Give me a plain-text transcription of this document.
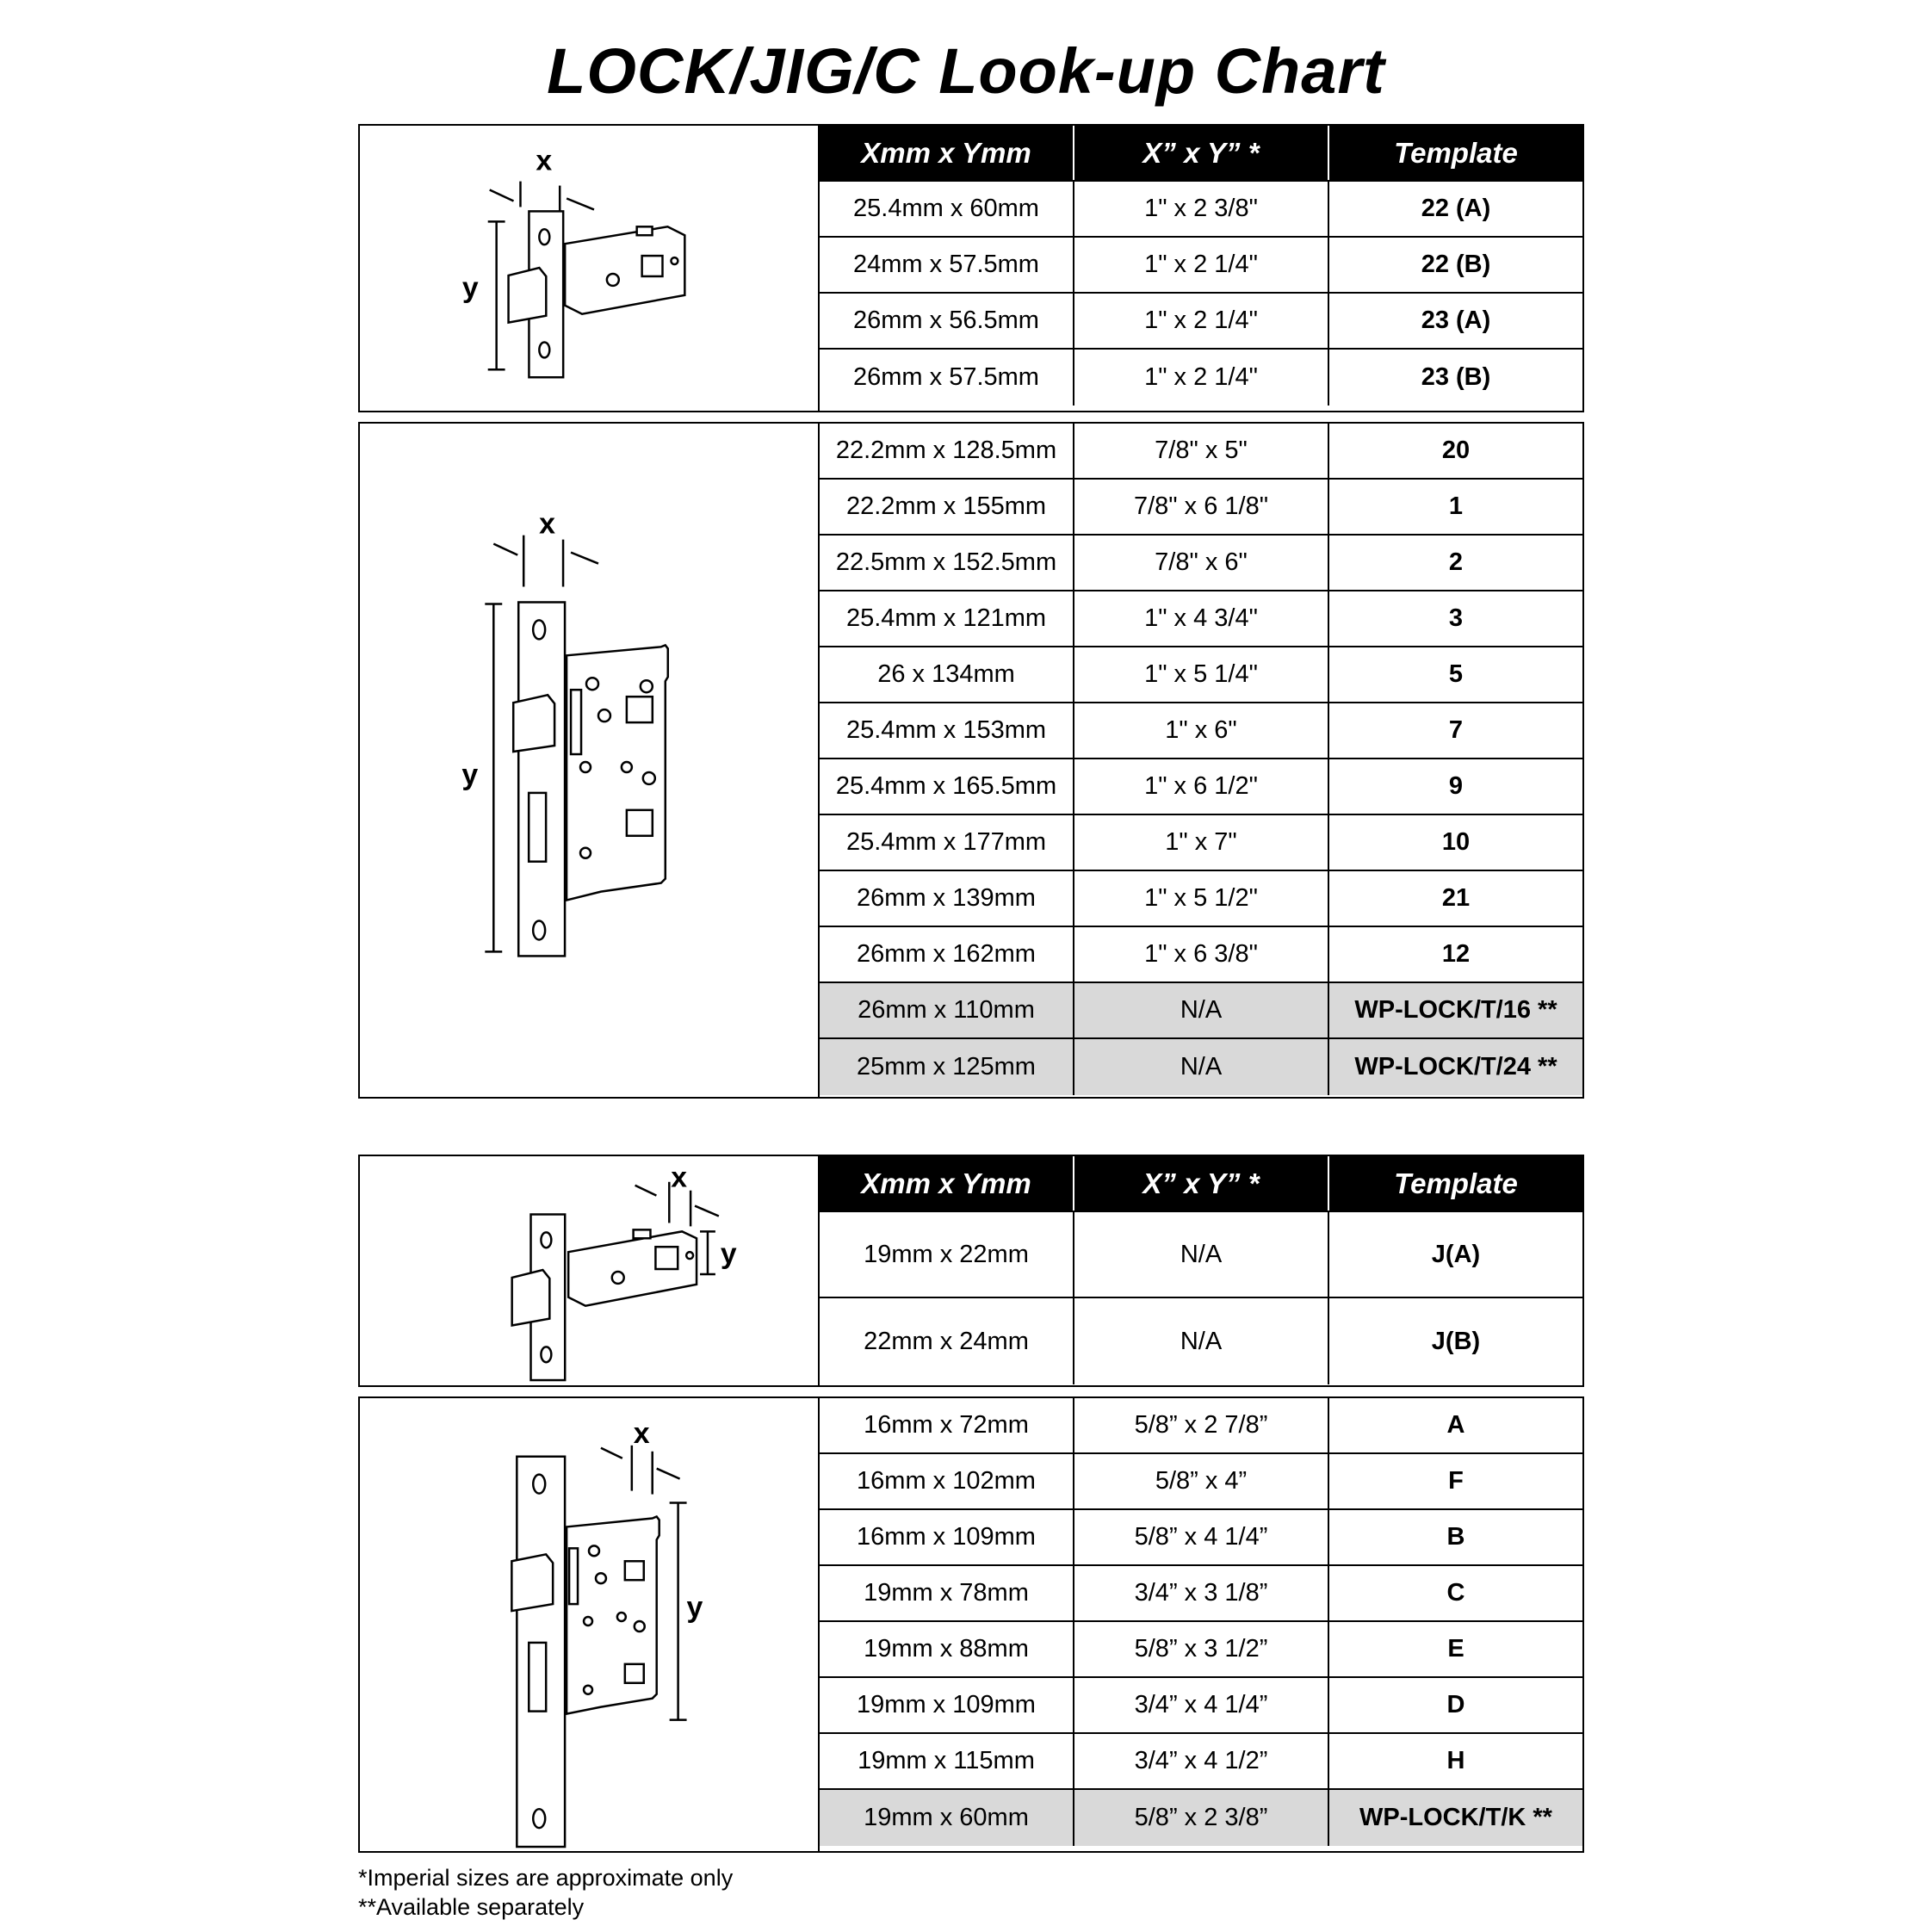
LOCK/JIG/C Look-up Chart
x
y
Xmm x Ymm	X” x Y” *	Template
25.4mm x 60mm	1" x 2 3/8"	22 (A)
24mm x 57.5mm	1" x 2 1/4"	22 (B)
26mm x 56.5mm	1" x 2 1/4"	23 (A)
26mm x 57.5mm	1" x 2 1/4"	23 (B)
x
y
22.2mm x 128.5mm	7/8" x 5"	20
22.2mm x 155mm	7/8" x 6 1/8"	1
22.5mm x 152.5mm	7/8" x 6"	2
25.4mm x 121mm	1" x 4 3/4"	3
26 x 134mm	1" x 5 1/4"	5
25.4mm x 153mm	1" x 6"	7
25.4mm x 165.5mm	1" x 6 1/2"	9
25.4mm x 177mm	1" x 7"	10
26mm x 139mm	1" x 5 1/2"	21
26mm x 162mm	1" x 6 3/8"	12
26mm x 110mm	N/A	WP-LOCK/T/16 **
25mm x 125mm	N/A	WP-LOCK/T/24 **
x
y
Xmm x Ymm	X” x Y” *	Template
19mm x 22mm	N/A	J(A)
22mm x 24mm	N/A	J(B)
x
y
16mm x 72mm	5/8” x 2 7/8”	A
16mm x 102mm	5/8” x 4”	F
16mm x 109mm	5/8” x 4 1/4”	B
19mm x 78mm	3/4” x 3 1/8”	C
19mm x 88mm	5/8” x 3 1/2”	E
19mm x 109mm	3/4” x 4 1/4”	D
19mm x 115mm	3/4” x 4 1/2”	H
19mm x 60mm	5/8” x 2 3/8”	WP-LOCK/T/K **
*Imperial sizes are approximate only
**Available separately
